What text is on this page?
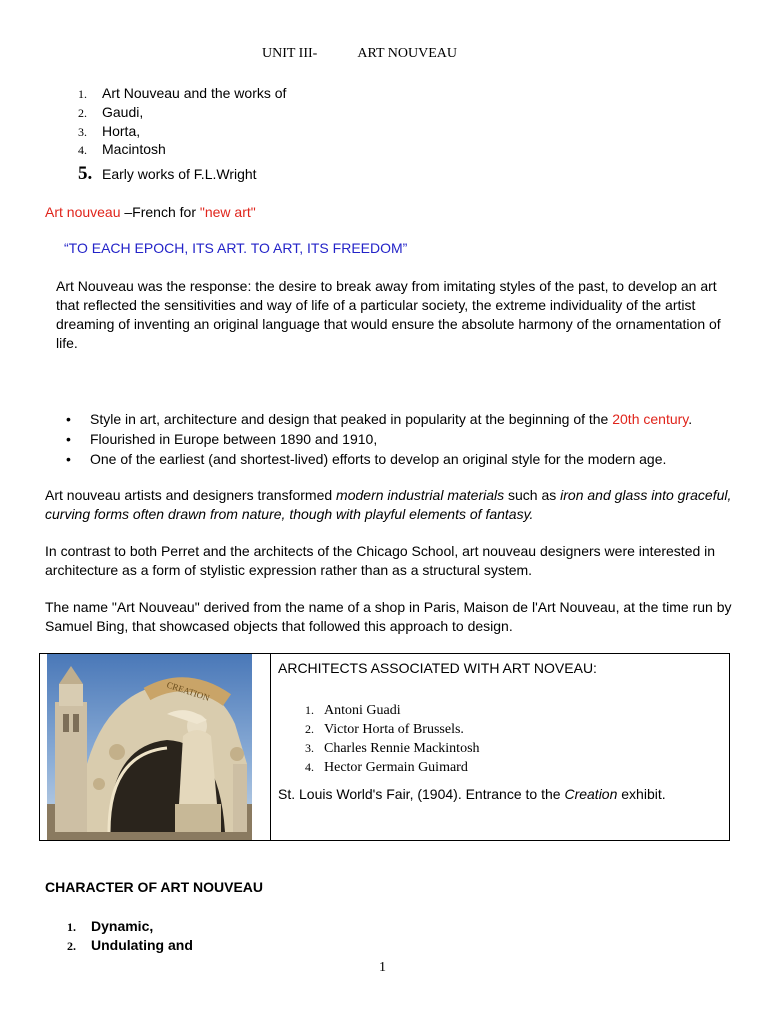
UNIT III-	ART NOUVEAU
1. Art Nouveau and the works of
2. Gaudi,
3. Horta,
4. Macintosh
5. Early works of F.L.Wright
Art nouveau –French for "new art"
“TO EACH EPOCH, ITS ART. TO ART, ITS FREEDOM”
Art Nouveau was the response: the desire to break away from imitating styles of the past, to develop an art that reflected the sensitivities and way of life of a particular society, the extreme individuality of the artist dreaming of inventing an original language that would ensure the absolute harmony of the ornamentation of life.
• Style in art, architecture and design that peaked in popularity at the beginning of the 20th century.
• Flourished in Europe between 1890 and 1910,
• One of the earliest (and shortest-lived) efforts to develop an original style for the modern age.
Art nouveau artists and designers transformed modern industrial materials such as iron and glass into graceful, curving forms often drawn from nature, though with playful elements of fantasy.
In contrast to both Perret and the architects of the Chicago School, art nouveau designers were interested in architecture as a form of stylistic expression rather than as a structural system.
The name "Art Nouveau" derived from the name of a shop in Paris, Maison de l'Art Nouveau, at the time run by Samuel Bing, that showcased objects that followed this approach to design.
CREATION
ARCHITECTS ASSOCIATED WITH ART NOVEAU:
1. Antoni Guadi
2. Victor Horta of Brussels.
3. Charles Rennie Mackintosh
4. Hector Germain Guimard
St. Louis World's Fair, (1904). Entrance to the Creation exhibit.
CHARACTER OF ART NOUVEAU
1. Dynamic,
2. Undulating and
1
